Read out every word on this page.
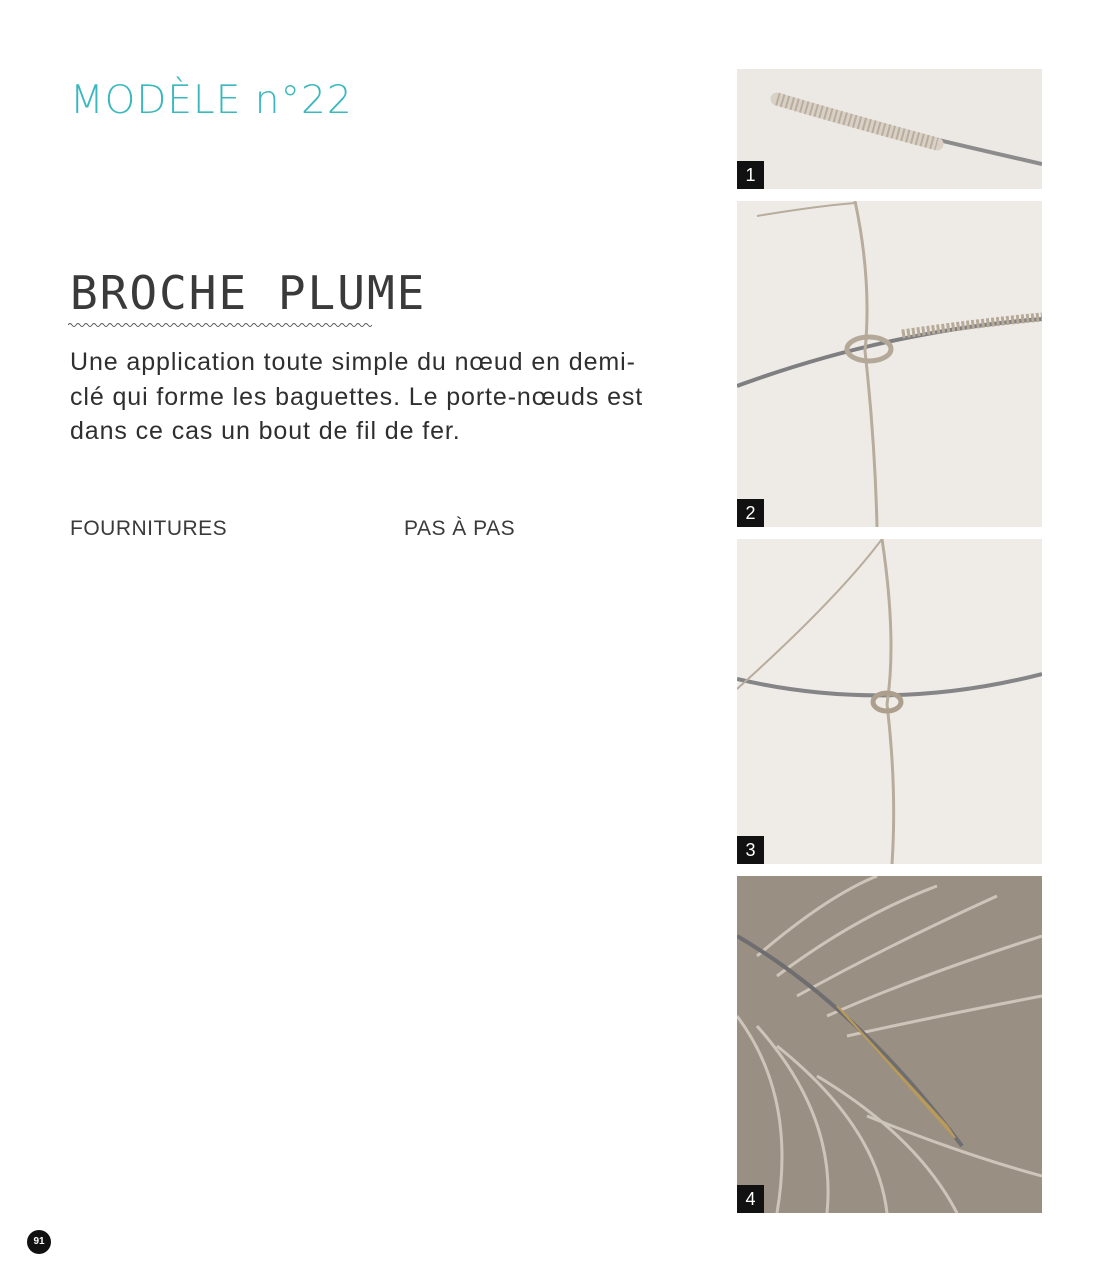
MODÈLE n°22
BROCHE PLUME

Une application toute simple du nœud en demi-clé qui forme les baguettes. Le porte-nœuds est dans ce cas un bout de fil de fer.

FOURNITURES	PAS À PAS
1
2
3
4
91
